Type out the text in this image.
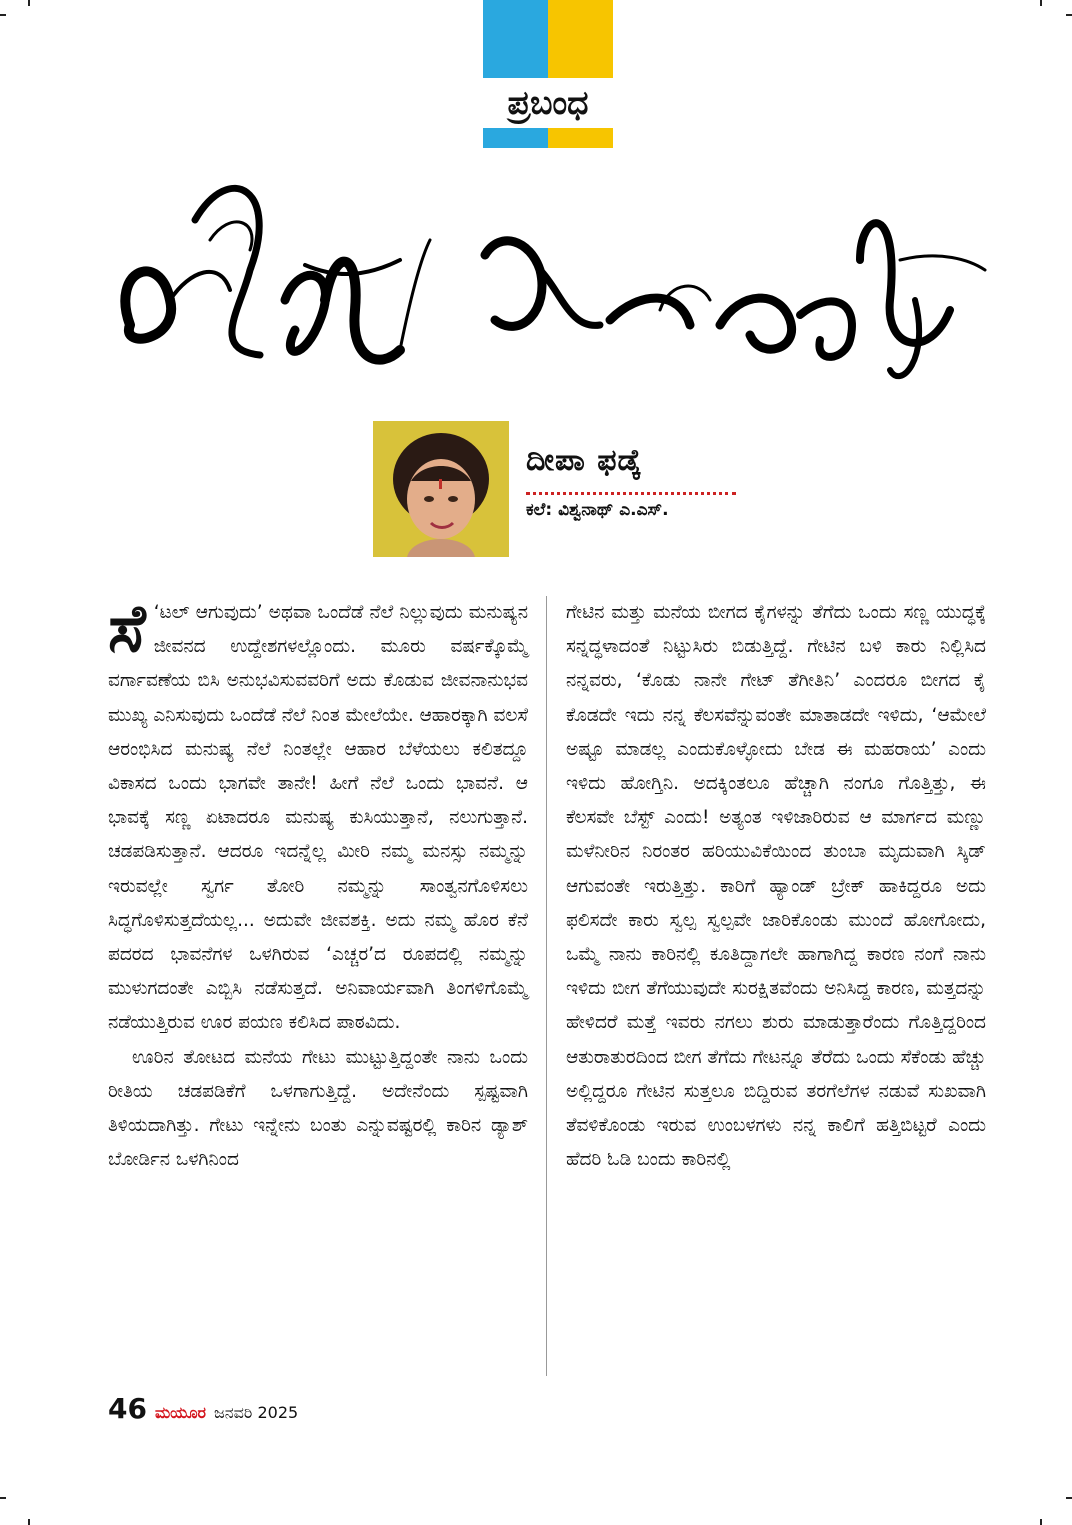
ಪ್ರಬಂಧ
ದೀಪಾ ಫಡ್ಕೆ
ಕಲೆ: ವಿಶ್ವನಾಥ್ ಎ.ಎಸ್.

ಸೆ ‘ಟಲ್ ಆಗುವುದು’ ಅಥವಾ ಒಂದೆಡೆ ನೆಲೆ ನಿಲ್ಲುವುದು ಮನುಷ್ಯನ ಜೀವನದ ಉದ್ದೇಶಗಳಲ್ಲೊಂದು. ಮೂರು ವರ್ಷಕ್ಕೊಮ್ಮೆ ವರ್ಗಾವಣೆಯ ಬಿಸಿ ಅನುಭವಿಸುವವರಿಗೆ ಅದು ಕೊಡುವ ಜೀವನಾನುಭವ ಮುಖ್ಯ ಎನಿಸುವುದು ಒಂದೆಡೆ ನೆಲೆ ನಿಂತ ಮೇಲೆಯೇ. ಆಹಾರಕ್ಕಾಗಿ ವಲಸೆ ಆರಂಭಿಸಿದ ಮನುಷ್ಯ ನೆಲೆ ನಿಂತಲ್ಲೇ ಆಹಾರ ಬೆಳೆಯಲು ಕಲಿತದ್ದೂ ವಿಕಾಸದ ಒಂದು ಭಾಗವೇ ತಾನೇ! ಹೀಗೆ ನೆಲೆ ಒಂದು ಭಾವನೆ. ಆ ಭಾವಕ್ಕೆ ಸಣ್ಣ ಏಟಾದರೂ ಮನುಷ್ಯ ಕುಸಿಯುತ್ತಾನೆ, ನಲುಗುತ್ತಾನೆ. ಚಡಪಡಿಸುತ್ತಾನೆ. ಆದರೂ ಇದನ್ನೆಲ್ಲ ಮೀರಿ ನಮ್ಮ ಮನಸ್ಸು ನಮ್ಮನ್ನು ಇರುವಲ್ಲೇ ಸ್ವರ್ಗ ತೋರಿ ನಮ್ಮನ್ನು ಸಾಂತ್ವನಗೊಳಿಸಲು ಸಿದ್ಧಗೊಳಿಸುತ್ತದೆಯಲ್ಲ... ಅದುವೇ ಜೀವಶಕ್ತಿ. ಅದು ನಮ್ಮ ಹೊರ ಕೆನೆ ಪದರದ ಭಾವನೆಗಳ ಒಳಗಿರುವ ‘ಎಚ್ಚರ’ದ ರೂಪದಲ್ಲಿ ನಮ್ಮನ್ನು ಮುಳುಗದಂತೇ ಎಬ್ಬಿಸಿ ನಡೆಸುತ್ತದೆ. ಅನಿವಾರ್ಯವಾಗಿ ತಿಂಗಳಿಗೊಮ್ಮೆ ನಡೆಯುತ್ತಿರುವ ಊರ ಪಯಣ ಕಲಿಸಿದ ಪಾಠವಿದು.

ಊರಿನ ತೋಟದ ಮನೆಯ ಗೇಟು ಮುಟ್ಟುತ್ತಿದ್ದಂತೇ ನಾನು ಒಂದು ರೀತಿಯ ಚಡಪಡಿಕೆಗೆ ಒಳಗಾಗುತ್ತಿದ್ದೆ. ಅದೇನೆಂದು ಸ್ಪಷ್ಟವಾಗಿ ತಿಳಿಯದಾಗಿತ್ತು. ಗೇಟು ಇನ್ನೇನು ಬಂತು ಎನ್ನುವಷ್ಟರಲ್ಲಿ ಕಾರಿನ ಡ್ಯಾಶ್ ಬೋರ್ಡಿನ ಒಳಗಿನಿಂದ

ಗೇಟಿನ ಮತ್ತು ಮನೆಯ ಬೀಗದ ಕೈಗಳನ್ನು ತೆಗೆದು ಒಂದು ಸಣ್ಣ ಯುದ್ಧಕ್ಕೆ ಸನ್ನದ್ಧಳಾದಂತೆ ನಿಟ್ಟುಸಿರು ಬಿಡುತ್ತಿದ್ದೆ. ಗೇಟಿನ ಬಳಿ ಕಾರು ನಿಲ್ಲಿಸಿದ ನನ್ನವರು, ‘ಕೊಡು ನಾನೇ ಗೇಟ್ ತೆಗೀತಿನಿ’ ಎಂದರೂ ಬೀಗದ ಕೈ ಕೊಡದೇ ಇದು ನನ್ನ ಕೆಲಸವೆನ್ನುವಂತೇ ಮಾತಾಡದೇ ಇಳಿದು, ‘ಆಮೇಲೆ ಅಷ್ಟೂ ಮಾಡಲ್ಲ ಎಂದುಕೊಳ್ಳೋದು ಬೇಡ ಈ ಮಹರಾಯ’ ಎಂದು ಇಳಿದು ಹೋಗ್ತಿನಿ. ಅದಕ್ಕಿಂತಲೂ ಹೆಚ್ಚಾಗಿ ನಂಗೂ ಗೊತ್ತಿತ್ತು, ಈ ಕೆಲಸವೇ ಬೆಸ್ಟ್ ಎಂದು! ಅತ್ಯಂತ ಇಳಿಜಾರಿರುವ ಆ ಮಾರ್ಗದ ಮಣ್ಣು ಮಳೆನೀರಿನ ನಿರಂತರ ಹರಿಯುವಿಕೆಯಿಂದ ತುಂಬಾ ಮೃದುವಾಗಿ ಸ್ಕಿಡ್ ಆಗುವಂತೇ ಇರುತ್ತಿತ್ತು. ಕಾರಿಗೆ ಹ್ಯಾಂಡ್ ಬ್ರೇಕ್ ಹಾಕಿದ್ದರೂ ಅದು ಫಲಿಸದೇ ಕಾರು ಸ್ವಲ್ಪ ಸ್ವಲ್ಪವೇ ಜಾರಿಕೊಂಡು ಮುಂದೆ ಹೋಗೋದು, ಒಮ್ಮೆ ನಾನು ಕಾರಿನಲ್ಲಿ ಕೂತಿದ್ದಾಗಲೇ ಹಾಗಾಗಿದ್ದ ಕಾರಣ ನಂಗೆ ನಾನು ಇಳಿದು ಬೀಗ ತೆಗೆಯುವುದೇ ಸುರಕ್ಷಿತವೆಂದು ಅನಿಸಿದ್ದ ಕಾರಣ, ಮತ್ತದನ್ನು ಹೇಳಿದರೆ ಮತ್ತೆ ಇವರು ನಗಲು ಶುರು ಮಾಡುತ್ತಾರೆಂದು ಗೊತ್ತಿದ್ದರಿಂದ ಆತುರಾತುರದಿಂದ ಬೀಗ ತೆಗೆದು ಗೇಟನ್ನೂ ತೆರೆದು ಒಂದು ಸೆಕೆಂಡು ಹೆಚ್ಚು ಅಲ್ಲಿದ್ದರೂ ಗೇಟಿನ ಸುತ್ತಲೂ ಬಿದ್ದಿರುವ ತರಗೆಲೆಗಳ ನಡುವೆ ಸುಖವಾಗಿ ತೆವಳಿಕೊಂಡು ಇರುವ ಉಂಬಳಗಳು ನನ್ನ ಕಾಲಿಗೆ ಹತ್ತಿಬಿಟ್ಟರೆ ಎಂದು ಹೆದರಿ ಓಡಿ ಬಂದು ಕಾರಿನಲ್ಲಿ

46 ಮಯೂರ ಜನವರಿ 2025
